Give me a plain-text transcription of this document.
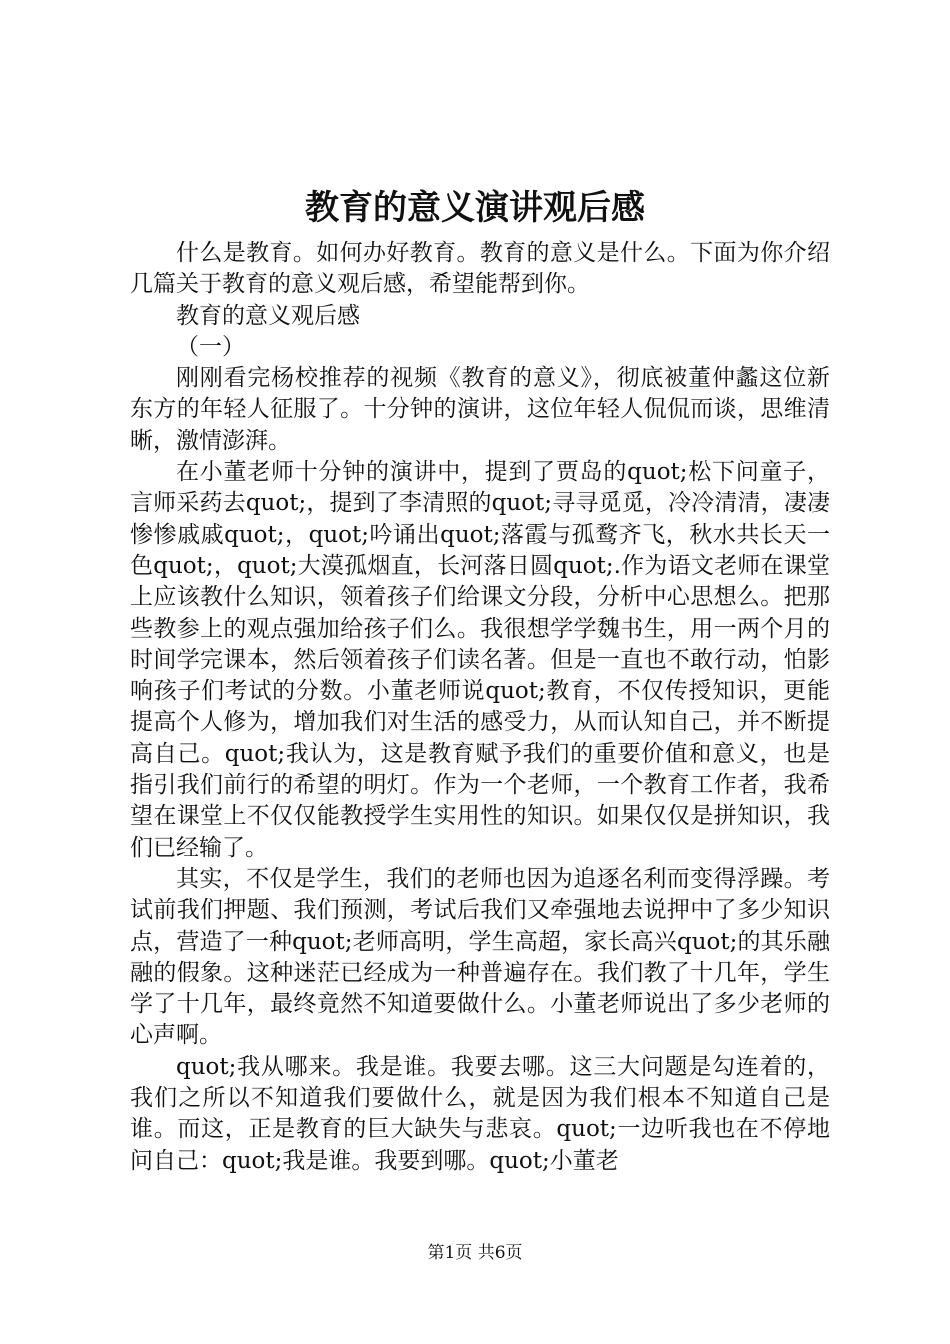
教育的意义演讲观后感

什么是教育。如何办好教育。教育的意义是什么。下面为你介绍几篇关于教育的意义观后感，希望能帮到你。

教育的意义观后感

（一）

刚刚看完杨校推荐的视频《教育的意义》，彻底被董仲蠡这位新东方的年轻人征服了。十分钟的演讲，这位年轻人侃侃而谈，思维清晰，激情澎湃。

在小董老师十分钟的演讲中，提到了贾岛的quot;松下问童子，言师采药去quot;，提到了李清照的quot;寻寻觅觅，冷冷清清，凄凄惨惨戚戚quot;，quot;吟诵出quot;落霞与孤鹜齐飞，秋水共长天一色quot;，quot;大漠孤烟直，长河落日圆quot;.作为语文老师在课堂上应该教什么知识，领着孩子们给课文分段，分析中心思想么。把那些教参上的观点强加给孩子们么。我很想学学魏书生，用一两个月的时间学完课本，然后领着孩子们读名著。但是一直也不敢行动，怕影响孩子们考试的分数。小董老师说quot;教育，不仅传授知识，更能提高个人修为，增加我们对生活的感受力，从而认知自己，并不断提高自己。quot;我认为，这是教育赋予我们的重要价值和意义，也是指引我们前行的希望的明灯。作为一个老师，一个教育工作者，我希望在课堂上不仅仅能教授学生实用性的知识。如果仅仅是拼知识，我们已经输了。

其实，不仅是学生，我们的老师也因为追逐名利而变得浮躁。考试前我们押题、我们预测，考试后我们又牵强地去说押中了多少知识点，营造了一种quot;老师高明，学生高超，家长高兴quot;的其乐融融的假象。这种迷茫已经成为一种普遍存在。我们教了十几年，学生学了十几年，最终竟然不知道要做什么。小董老师说出了多少老师的心声啊。

quot;我从哪来。我是谁。我要去哪。这三大问题是勾连着的，我们之所以不知道我们要做什么，就是因为我们根本不知道自己是谁。而这，正是教育的巨大缺失与悲哀。quot;一边听我也在不停地问自己：quot;我是谁。我要到哪。quot;小董老

第1页 共6页
